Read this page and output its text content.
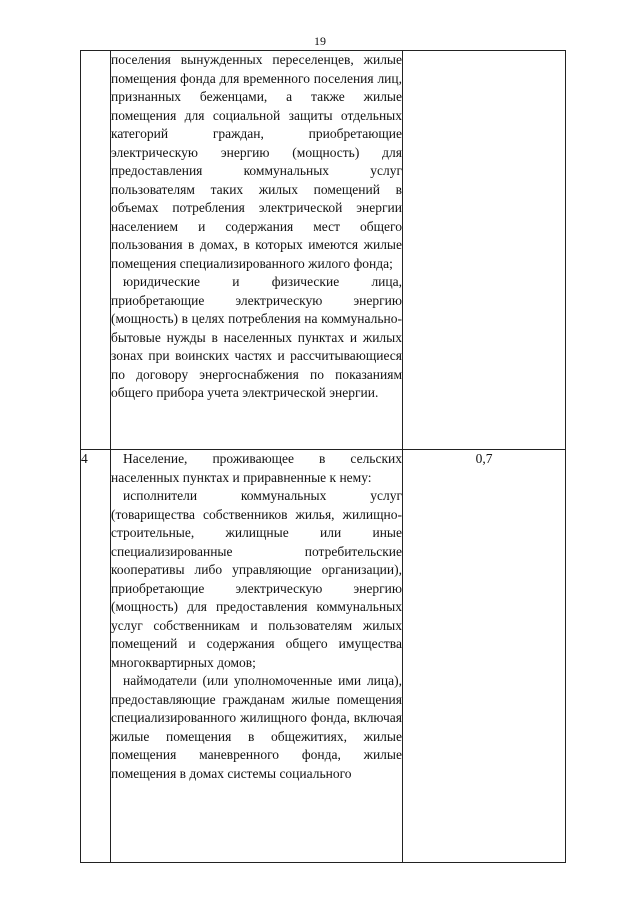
19

	поселения вынужденных переселенцев, жилые помещения фонда для временного поселения лиц, признанных беженцами, а также жилые помещения для социальной защиты отдельных категорий граждан, приобретающие электрическую энергию (мощность) для предоставления коммунальных услуг пользователям таких жилых помещений в объемах потребления электрической энергии населением и содержания мест общего пользования в домах, в которых имеются жилые помещения специализированного жилого фонда;

юридические и физические лица, приобретающие электрическую энергию (мощность) в целях потребления на коммунально-бытовые нужды в населенных пунктах и жилых зонах при воинских частях и рассчитывающиеся по договору энергоснабжения по показаниям общего прибора учета электрической энергии.	

4	Население, проживающее в сельских населенных пунктах и приравненные к нему:

исполнители коммунальных услуг (товарищества собственников жилья, жилищно-строительные, жилищные или иные специализированные потребительские кооперативы либо управляющие организации), приобретающие электрическую энергию (мощность) для предоставления коммунальных услуг собственникам и пользователям жилых помещений и содержания общего имущества многоквартирных домов;

наймодатели (или уполномоченные ими лица), предоставляющие гражданам жилые помещения специализированного жилищного фонда, включая жилые помещения в общежитиях, жилые помещения маневренного фонда, жилые помещения в домах системы социального	0,7
